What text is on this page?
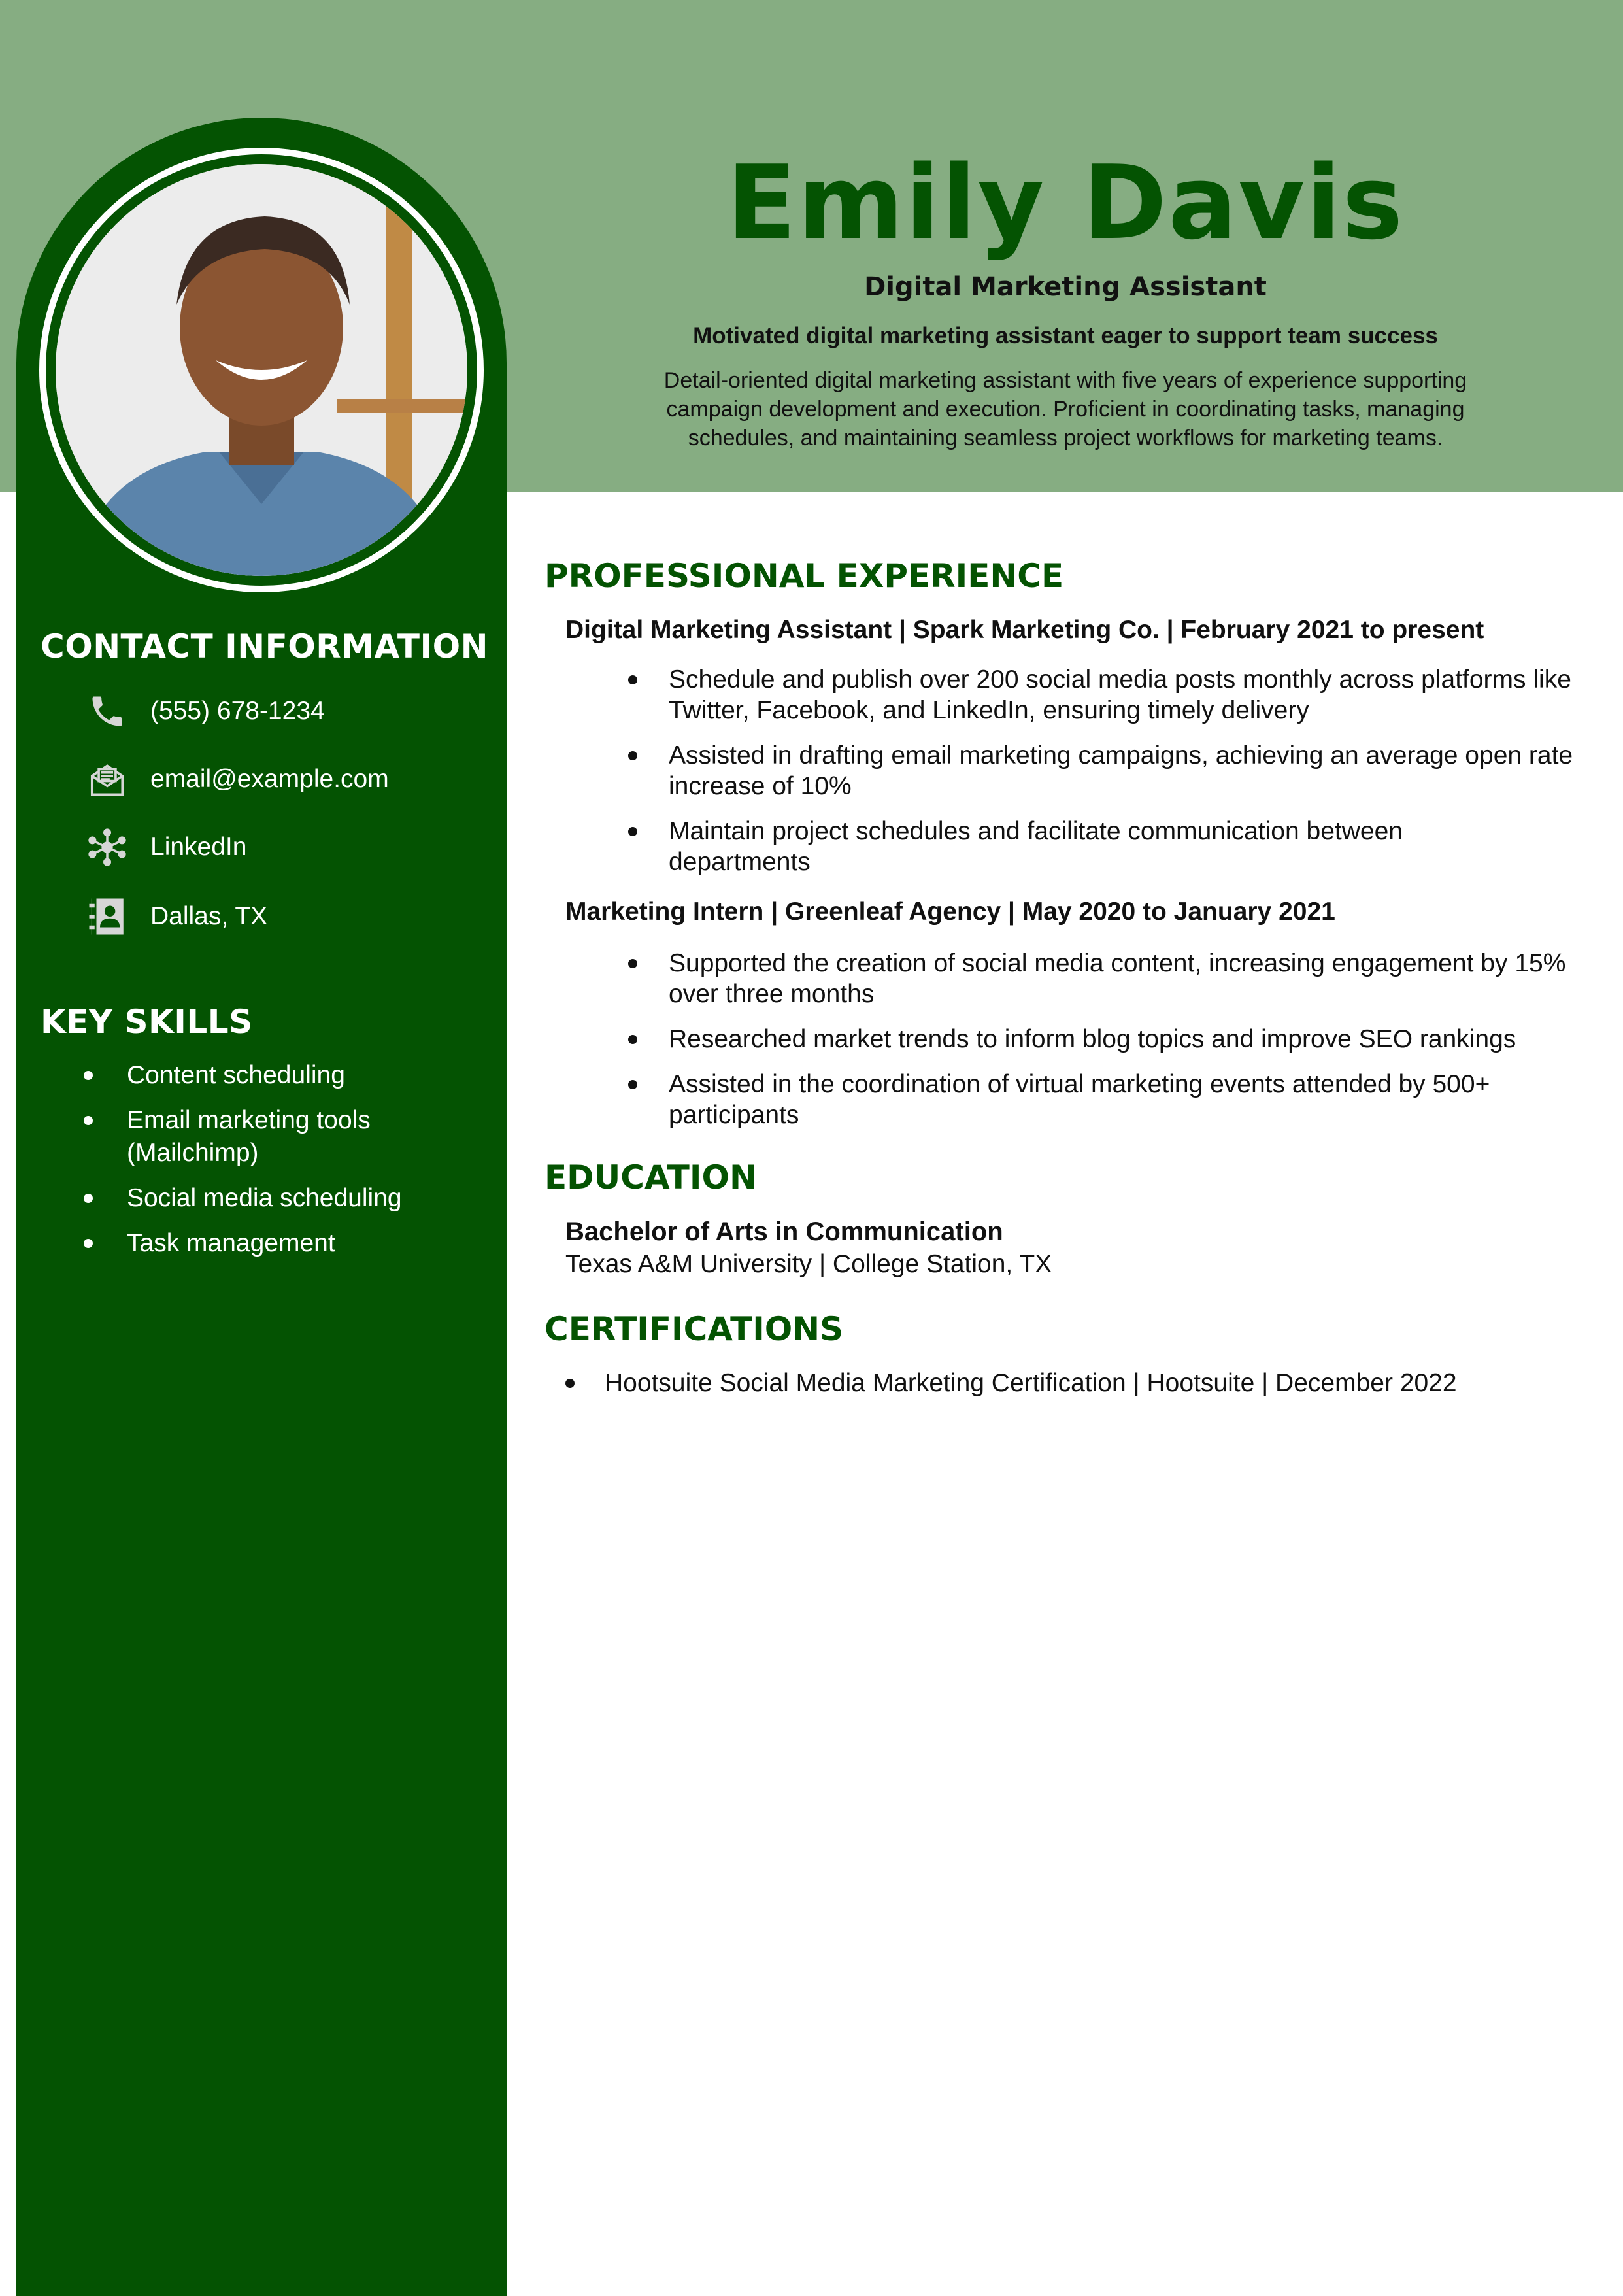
CONTACT INFORMATION
(555) 678-1234
email@example.com
LinkedIn
Dallas, TX
KEY SKILLS
Content scheduling
Email marketing tools (Mailchimp)
Social media scheduling
Task management
Emily Davis

Digital Marketing Assistant

Motivated digital marketing assistant eager to support team success

Detail-oriented digital marketing assistant with five years of experience supporting campaign development and execution. Proficient in coordinating tasks, managing schedules, and maintaining seamless project workflows for marketing teams.

PROFESSIONAL EXPERIENCE

Digital Marketing Assistant | Spark Marketing Co. | February 2021 to present

Schedule and publish over 200 social media posts monthly across platforms like Twitter, Facebook, and LinkedIn, ensuring timely delivery
Assisted in drafting email marketing campaigns, achieving an average open rate increase of 10%
Maintain project schedules and facilitate communication between departments

Marketing Intern | Greenleaf Agency | May 2020 to January 2021

Supported the creation of social media content, increasing engagement by 15% over three months
Researched market trends to inform blog topics and improve SEO rankings
Assisted in the coordination of virtual marketing events attended by 500+ participants
EDUCATION

Bachelor of Arts in Communication

Texas A&M University | College Station, TX

CERTIFICATIONS
Hootsuite Social Media Marketing Certification | Hootsuite | December 2022
